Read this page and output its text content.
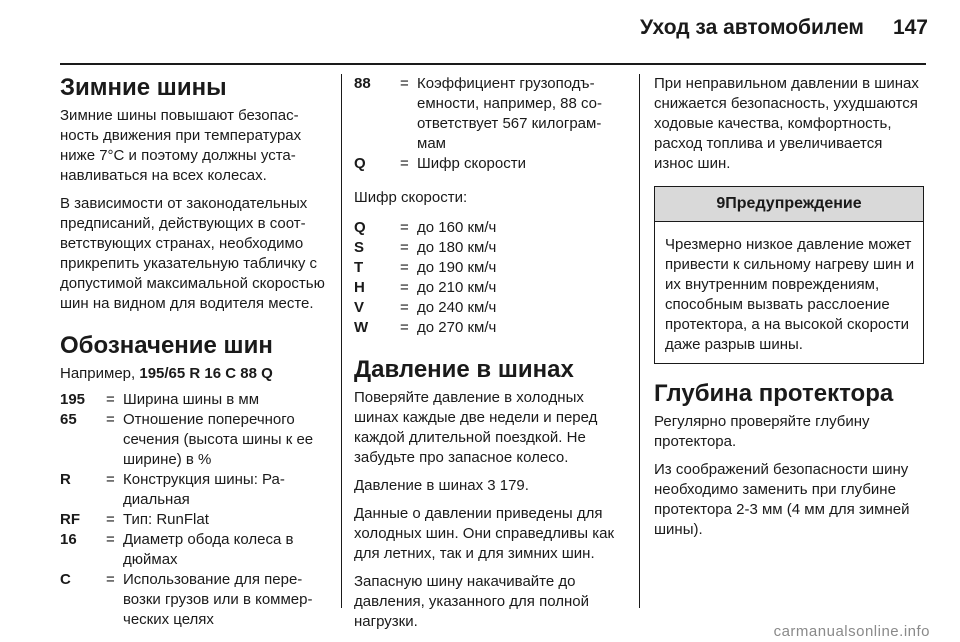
Уход за автомобилем 147
Зимние шины

Зимние шины повышают безопасность движения при температурах ниже 7°C и поэтому должны устанавливаться на всех колесах.

В зависимости от законодательных предписаний, действующих в соответствующих странах, необходимо прикрепить указательную табличку с допустимой максимальной скоростью шин на видном для водителя месте.

Обозначение шин

Например, 195/65 R 16 C 88 Q

195	= Ширина шины в мм
65	= Отношение поперечного сечения (высота шины к ее ширине) в %
R	= Конструкция шины: Радиальная
RF	= Тип: RunFlat
16	= Диаметр обода колеса в дюймах
C	= Использование для перевозки грузов или в коммерческих целях
88	= Коэффициент грузоподъемности, например, 88 соответствует 567 килограммам
Q	= Шифр скорости

Шифр скорости:

Q	= до 160 км/ч
S	= до 180 км/ч
T	= до 190 км/ч
H	= до 210 км/ч
V	= до 240 км/ч
W	= до 270 км/ч
Давление в шинах

Поверяйте давление в холодных шинах каждые две недели и перед каждой длительной поездкой. Не забудьте про запасное колесо.

Давление в шинах 3 179.

Данные о давлении приведены для холодных шин. Они справедливы как для летних, так и для зимних шин.

Запасную шину накачивайте до давления, указанного для полной нагрузки.

При неправильном давлении в шинах снижается безопасность, ухудшаются ходовые качества, комфортность, расход топлива и увеличивается износ шин.

9Предупреждение
Чрезмерно низкое давление может привести к сильному нагреву шин и их внутренним повреждениям, способным вызвать расслоение протектора, а на высокой скорости даже разрыв шины.
Глубина протектора

Регулярно проверяйте глубину протектора.

Из соображений безопасности шину необходимо заменить при глубине протектора 2-3 мм (4 мм для зимней шины).

carmanualsonline.info
